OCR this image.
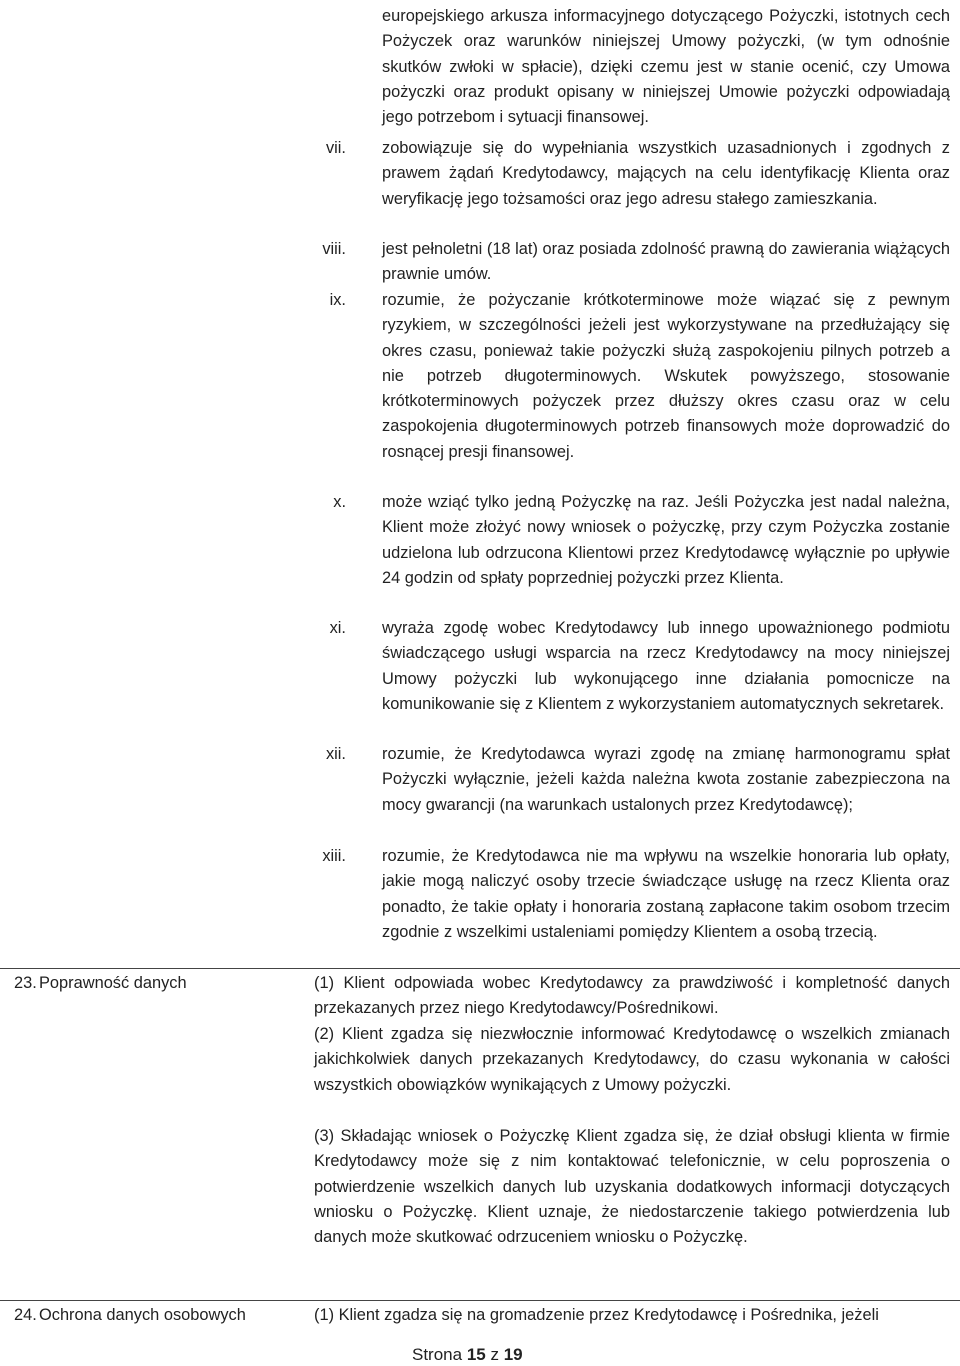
europejskiego arkusza informacyjnego dotyczącego Pożyczki, istotnych cech Pożyczek oraz warunków niniejszej Umowy pożyczki, (w tym odnośnie skutków zwłoki w spłacie), dzięki czemu jest w stanie ocenić, czy Umowa pożyczki oraz produkt opisany w niniejszej Umowie pożyczki odpowiadają jego potrzebom i sytuacji finansowej.

vii. zobowiązuje się do wypełniania wszystkich uzasadnionych i zgodnych z prawem żądań Kredytodawcy, mających na celu identyfikację Klienta oraz weryfikację jego tożsamości oraz jego adresu stałego zamieszkania.

viii. jest pełnoletni (18 lat) oraz posiada zdolność prawną do zawierania wiążących prawnie umów.

ix. rozumie, że pożyczanie krótkoterminowe może wiązać się z pewnym ryzykiem, w szczególności jeżeli jest wykorzystywane na przedłużający się okres czasu, ponieważ takie pożyczki służą zaspokojeniu pilnych potrzeb a nie potrzeb długoterminowych. Wskutek powyższego, stosowanie krótkoterminowych pożyczek przez dłuższy okres czasu oraz w celu zaspokojenia długoterminowych potrzeb finansowych może doprowadzić do rosnącej presji finansowej.

x. może wziąć tylko jedną Pożyczkę na raz. Jeśli Pożyczka jest nadal należna, Klient może złożyć nowy wniosek o pożyczkę, przy czym Pożyczka zostanie udzielona lub odrzucona Klientowi przez Kredytodawcę wyłącznie po upływie 24 godzin od spłaty poprzedniej pożyczki przez Klienta.

xi. wyraża zgodę wobec Kredytodawcy lub innego upoważnionego podmiotu świadczącego usługi wsparcia na rzecz Kredytodawcy na mocy niniejszej Umowy pożyczki lub wykonującego inne działania pomocnicze na komunikowanie się z Klientem z wykorzystaniem automatycznych sekretarek.

xii. rozumie, że Kredytodawca wyrazi zgodę na zmianę harmonogramu spłat Pożyczki wyłącznie, jeżeli każda należna kwota zostanie zabezpieczona na mocy gwarancji (na warunkach ustalonych przez Kredytodawcę);

xiii. rozumie, że Kredytodawca nie ma wpływu na wszelkie honoraria lub opłaty, jakie mogą naliczyć osoby trzecie świadczące usługę na rzecz Klienta oraz ponadto, że takie opłaty i honoraria zostaną zapłacone takim osobom trzecim zgodnie z wszelkimi ustaleniami pomiędzy Klientem a osobą trzecią.

23. Poprawność danych	(1) Klient odpowiada wobec Kredytodawcy za prawdziwość i kompletność danych przekazanych przez niego Kredytodawcy/Pośrednikowi.

(2) Klient zgadza się niezwłocznie informować Kredytodawcę o wszelkich zmianach jakichkolwiek danych przekazanych Kredytodawcy, do czasu wykonania w całości wszystkich obowiązków wynikających z Umowy pożyczki.

(3) Składając wniosek o Pożyczkę Klient zgadza się, że dział obsługi klienta w firmie Kredytodawcy może się z nim kontaktować telefonicznie, w celu poproszenia o potwierdzenie wszelkich danych lub uzyskania dodatkowych informacji dotyczących wniosku o Pożyczkę. Klient uznaje, że niedostarczenie takiego potwierdzenia lub danych może skutkować odrzuceniem wniosku o Pożyczkę.

24. Ochrona danych osobowych	(1) Klient zgadza się na gromadzenie przez Kredytodawcę i Pośrednika, jeżeli

Strona 15 z 19
